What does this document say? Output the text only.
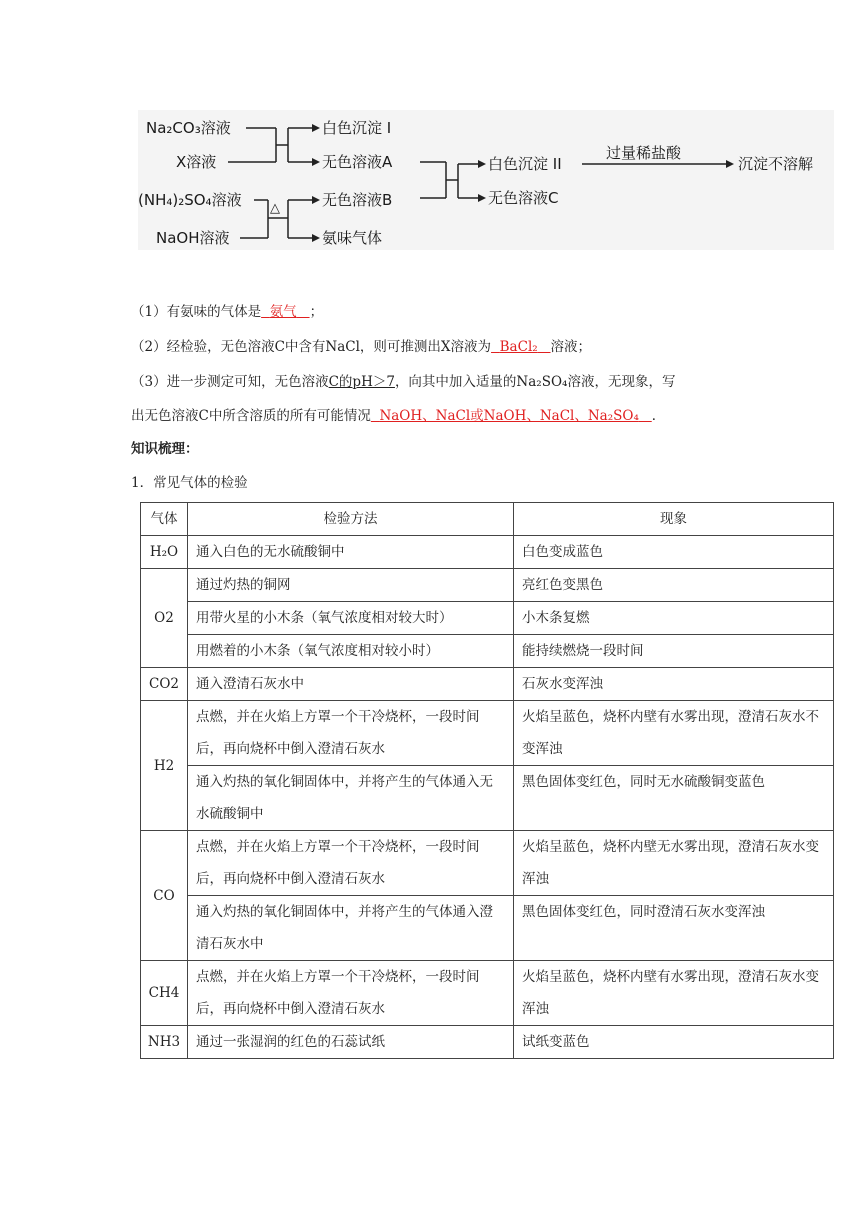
Na₂CO₃溶液
X溶液
(NH₄)₂SO₄溶液
NaOH溶液
△
白色沉淀 I
无色溶液A
无色溶液B
氨味气体
白色沉淀 II
无色溶液C
过量稀盐酸
沉淀不溶解
（1）有氨味的气体是 氨气 ；
（2）经检验，无色溶液C中含有NaCl，则可推测出X溶液为 BaCl₂ 溶液；
（3）进一步测定可知，无色溶液C的pH＞7，向其中加入适量的Na₂SO₄溶液，无现象，写
出无色溶液C中所含溶质的所有可能情况 NaOH、NaCl或NaOH、NaCl、Na₂SO₄ ．
知识梳理：
1．常见气体的检验
气体	检验方法	现象
H₂O	通入白色的无水硫酸铜中	白色变成蓝色
O2	通过灼热的铜网	亮红色变黑色
	用带火星的小木条（氧气浓度相对较大时）	小木条复燃
	用燃着的小木条（氧气浓度相对较小时）	能持续燃烧一段时间
CO2	通入澄清石灰水中	石灰水变浑浊
H2	点燃，并在火焰上方罩一个干冷烧杯，一段时间后，再向烧杯中倒入澄清石灰水	火焰呈蓝色，烧杯内壁有水雾出现，澄清石灰水不变浑浊
	通入灼热的氧化铜固体中，并将产生的气体通入无水硫酸铜中	黑色固体变红色，同时无水硫酸铜变蓝色
CO	点燃，并在火焰上方罩一个干冷烧杯，一段时间后，再向烧杯中倒入澄清石灰水	火焰呈蓝色，烧杯内壁无水雾出现，澄清石灰水变浑浊
	通入灼热的氧化铜固体中，并将产生的气体通入澄清石灰水中	黑色固体变红色，同时澄清石灰水变浑浊
CH4	点燃，并在火焰上方罩一个干冷烧杯，一段时间后，再向烧杯中倒入澄清石灰水	火焰呈蓝色，烧杯内壁有水雾出现，澄清石灰水变浑浊
NH3	通过一张湿润的红色的石蕊试纸	试纸变蓝色
